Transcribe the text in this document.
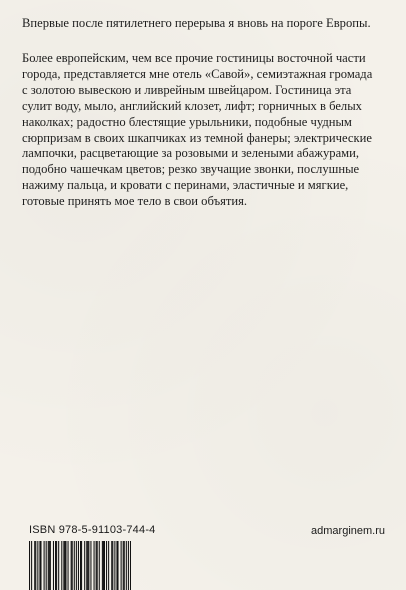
Впервые после пятилетнего перерыва я вновь на пороге Европы.

Более европейским, чем все прочие гостиницы восточной части
города, представляется мне отель «Савой», семиэтажная громада
с золотою вывескою и ливрейным швейцаром. Гостиница эта
сулит воду, мыло, английский клозет, лифт; горничных в белых
наколках; радостно блестящие урыльники, подобные чудным
сюрпризам в своих шкапчиках из темной фанеры; электрические
лампочки, расцветающие за розовыми и зелеными абажурами,
подобно чашечкам цветов; резко звучащие звонки, послушные
нажиму пальца, и кровати с перинами, эластичные и мягкие,
готовые принять мое тело в свои объятия.

ISBN 978-5-91103-744-4	admarginem.ru
